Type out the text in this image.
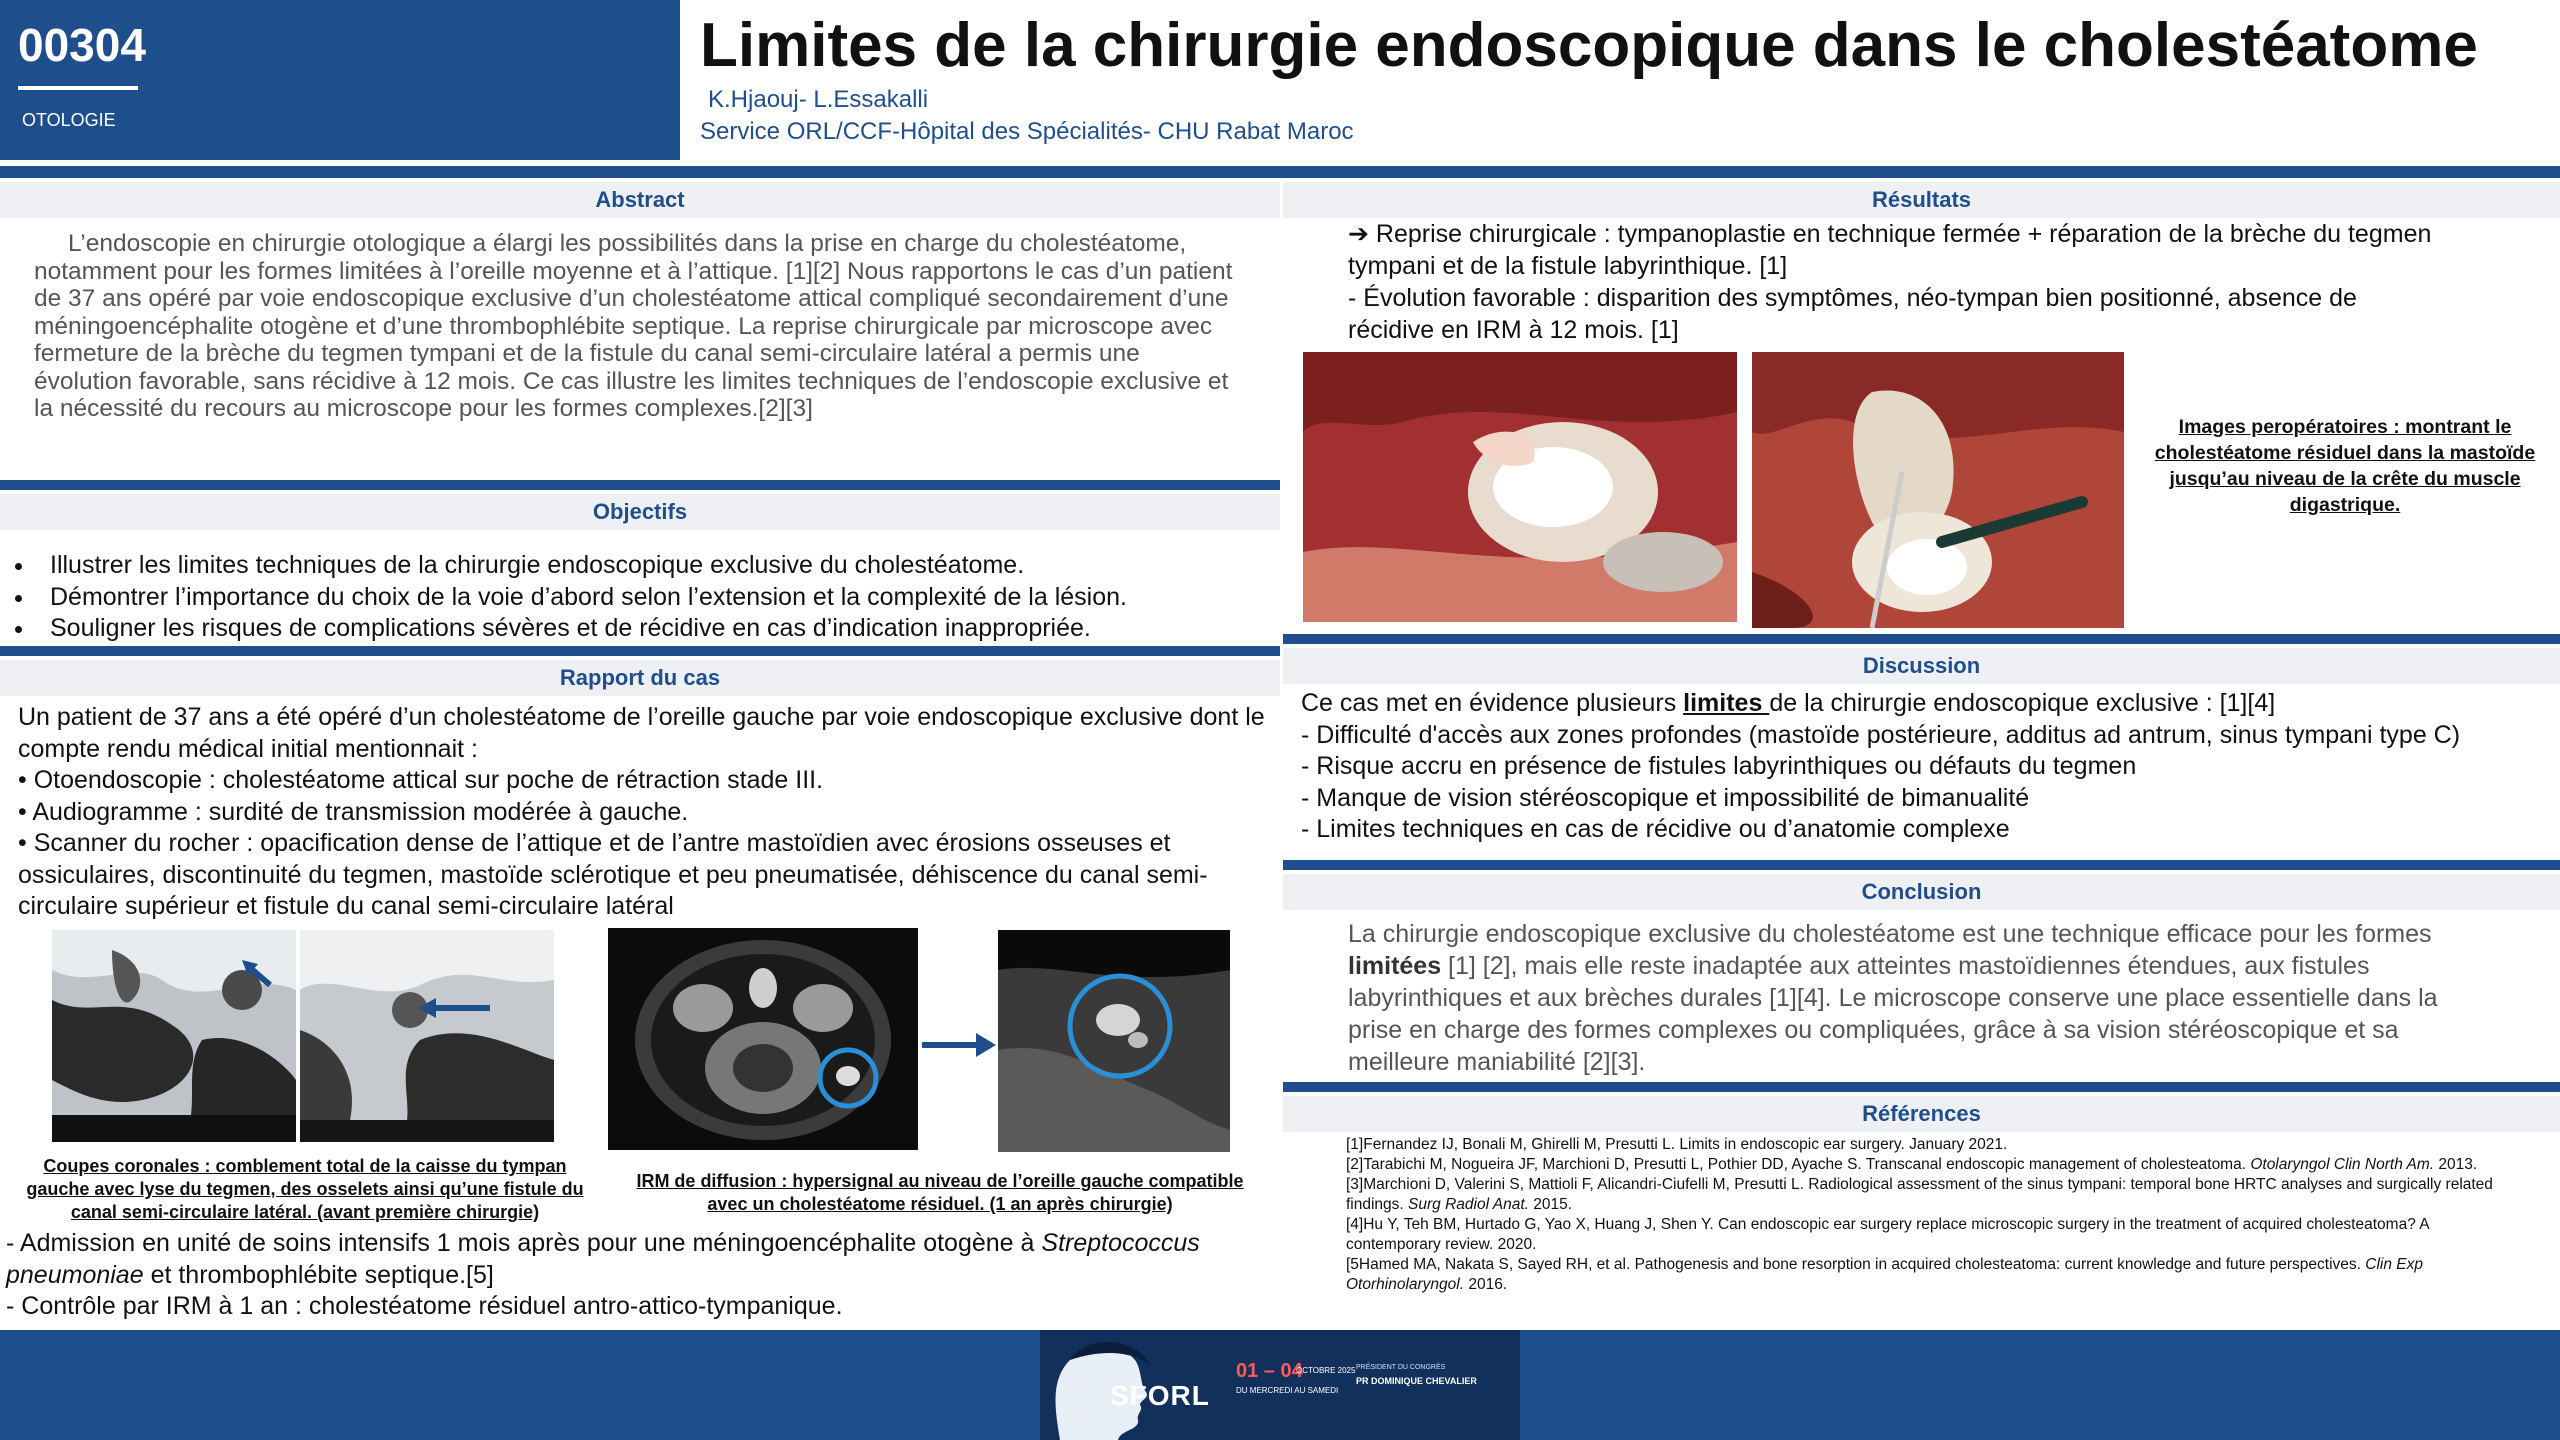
00304
OTOLOGIE
Limites de la chirurgie endoscopique dans le cholestéatome
K.Hjaouj- L.Essakalli
Service ORL/CCF-Hôpital des Spécialités- CHU Rabat Maroc
Abstract
L’endoscopie en chirurgie otologique a élargi les possibilités dans la prise en charge du cholestéatome, notamment pour les formes limitées à l’oreille moyenne et à l’attique. [1][2] Nous rapportons le cas d’un patient de 37 ans opéré par voie endoscopique exclusive d’un cholestéatome attical compliqué secondairement d’une méningoencéphalite otogène et d’une thrombophlébite septique. La reprise chirurgicale par microscope avec fermeture de la brèche du tegmen tympani et de la fistule du canal semi-circulaire latéral a permis une évolution favorable, sans récidive à 12 mois. Ce cas illustre les limites techniques de l’endoscopie exclusive et la nécessité du recours au microscope pour les formes complexes.[2][3]
Objectifs
• Illustrer les limites techniques de la chirurgie endoscopique exclusive du cholestéatome.
• Démontrer l’importance du choix de la voie d’abord selon l’extension et la complexité de la lésion.
• Souligner les risques de complications sévères et de récidive en cas d’indication inappropriée.
Rapport du cas
Un patient de 37 ans a été opéré d’un cholestéatome de l’oreille gauche par voie endoscopique exclusive dont le compte rendu médical initial mentionnait :
• Otoendoscopie : cholestéatome attical sur poche de rétraction stade III.
• Audiogramme : surdité de transmission modérée à gauche.
• Scanner du rocher : opacification dense de l’attique et de l’antre mastoïdien avec érosions osseuses et ossiculaires, discontinuité du tegmen, mastoïde sclérotique et peu pneumatisée, déhiscence du canal semi-circulaire supérieur et fistule du canal semi-circulaire latéral
Coupes coronales : comblement total de la caisse du tympan gauche avec lyse du tegmen, des osselets ainsi qu’une fistule du canal semi-circulaire latéral. (avant première chirurgie)
IRM de diffusion : hypersignal au niveau de l’oreille gauche compatible avec un cholestéatome résiduel. (1 an après chirurgie)
- Admission en unité de soins intensifs 1 mois après pour une méningoencéphalite otogène à Streptococcus pneumoniae et thrombophlébite septique.[5]
- Contrôle par IRM à 1 an : cholestéatome résiduel antro-attico-tympanique.
Résultats
➔ Reprise chirurgicale : tympanoplastie en technique fermée + réparation de la brèche du tegmen tympani et de la fistule labyrinthique. [1]
- Évolution favorable : disparition des symptômes, néo-tympan bien positionné, absence de récidive en IRM à 12 mois. [1]
Images peropératoires : montrant le cholestéatome résiduel dans la mastoïde jusqu’au niveau de la crête du muscle digastrique.
Discussion
Ce cas met en évidence plusieurs limites de la chirurgie endoscopique exclusive : [1][4]
- Difficulté d'accès aux zones profondes (mastoïde postérieure, additus ad antrum, sinus tympani type C)
- Risque accru en présence de fistules labyrinthiques ou défauts du tegmen
- Manque de vision stéréoscopique et impossibilité de bimanualité
- Limites techniques en cas de récidive ou d’anatomie complexe
Conclusion
La chirurgie endoscopique exclusive du cholestéatome est une technique efficace pour les formes limitées [1] [2], mais elle reste inadaptée aux atteintes mastoïdiennes étendues, aux fistules labyrinthiques et aux brèches durales [1][4]. Le microscope conserve une place essentielle dans la prise en charge des formes complexes ou compliquées, grâce à sa vision stéréoscopique et sa meilleure maniabilité [2][3].
Références
[1]Fernandez IJ, Bonali M, Ghirelli M, Presutti L. Limits in endoscopic ear surgery. January 2021.
[2]Tarabichi M, Nogueira JF, Marchioni D, Presutti L, Pothier DD, Ayache S. Transcanal endoscopic management of cholesteatoma. Otolaryngol Clin North Am. 2013.
[3]Marchioni D, Valerini S, Mattioli F, Alicandri-Ciufelli M, Presutti L. Radiological assessment of the sinus tympani: temporal bone HRTC analyses and surgically related findings. Surg Radiol Anat. 2015.
[4]Hu Y, Teh BM, Hurtado G, Yao X, Huang J, Shen Y. Can endoscopic ear surgery replace microscopic surgery in the treatment of acquired cholesteatoma? A contemporary review. 2020.
[5Hamed MA, Nakata S, Sayed RH, et al. Pathogenesis and bone resorption in acquired cholesteatoma: current knowledge and future perspectives. Clin Exp Otorhinolaryngol. 2016.
SFORL
01 – 04
OCTOBRE 2025
DU MERCREDI AU SAMEDI
PRÉSIDENT DU CONGRÈS
PR DOMINIQUE CHEVALIER
